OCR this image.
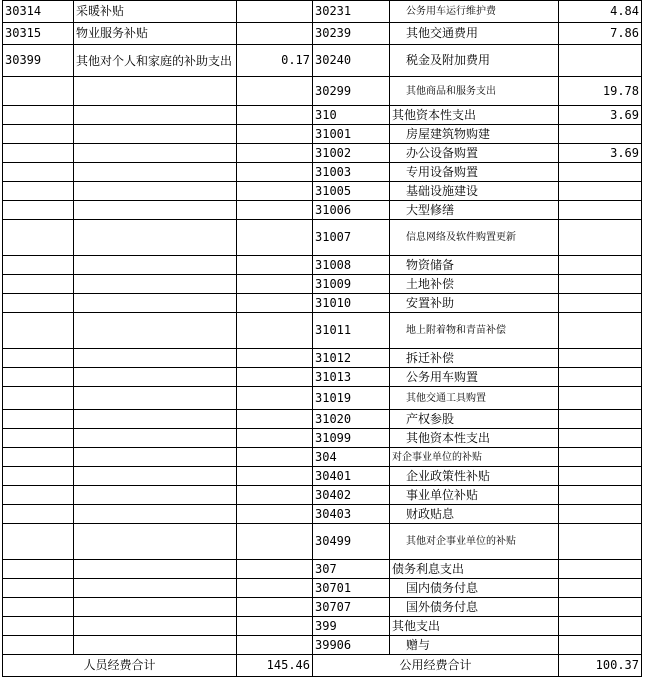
30314	采暖补贴		30231	公务用车运行维护费	4.84
30315	物业服务补贴		30239	其他交通费用	7.86
30399	其他对个人和家庭的补助支出	0.17	30240	税金及附加费用	
			30299	其他商品和服务支出	19.78
			310	其他资本性支出	3.69
			31001	房屋建筑物购建	
			31002	办公设备购置	3.69
			31003	专用设备购置	
			31005	基础设施建设	
			31006	大型修缮	
			31007	信息网络及软件购置更新	
			31008	物资储备	
			31009	土地补偿	
			31010	安置补助	
			31011	地上附着物和青苗补偿	
			31012	拆迁补偿	
			31013	公务用车购置	
			31019	其他交通工具购置	
			31020	产权参股	
			31099	其他资本性支出	
			304	对企事业单位的补贴	
			30401	企业政策性补贴	
			30402	事业单位补贴	
			30403	财政贴息	
			30499	其他对企事业单位的补贴	
			307	债务利息支出	
			30701	国内债务付息	
			30707	国外债务付息	
			399	其他支出	
			39906	赠与	
人员经费合计		145.46	公用经费合计		100.37
